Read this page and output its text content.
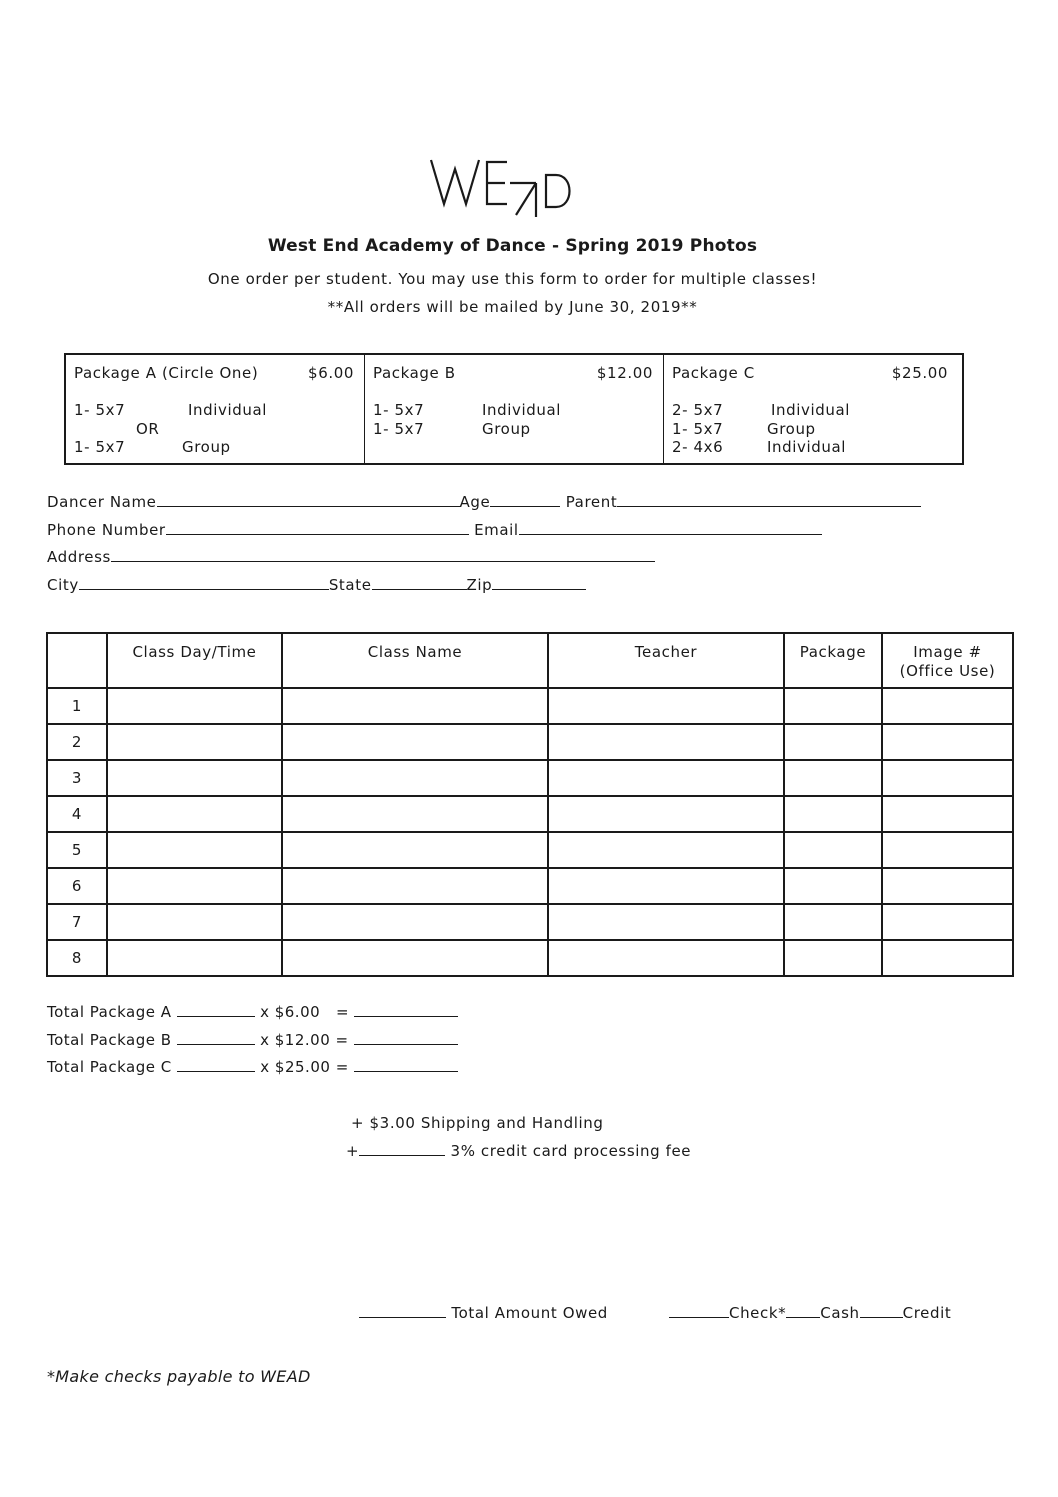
West End Academy of Dance - Spring 2019 Photos
One order per student. You may use this form to order for multiple classes!
**All orders will be mailed by June 30, 2019**
Package A (Circle One)	$6.00
1- 5x7	Individual
OR
1- 5x7	Group
Package B	$12.00
1- 5x7	Individual
1- 5x7	Group
Package C	$25.00
2- 5x7	Individual
1- 5x7	Group
2- 4x6	Individual
Dancer Name	Age	Parent
Phone Number	Email
Address
City	State	Zip
	Class Day/Time	Class Name	Teacher	Package	Image #
(Office Use)
1					
2					
3					
4					
5					
6					
7					
8					
Total Package A	x $6.00 =
Total Package B	x $12.00 =
Total Package C	x $25.00 =
+ $3.00 Shipping and Handling
+	3% credit card processing fee
Total Amount Owed	Check* Cash	Credit
*Make checks payable to WEAD
